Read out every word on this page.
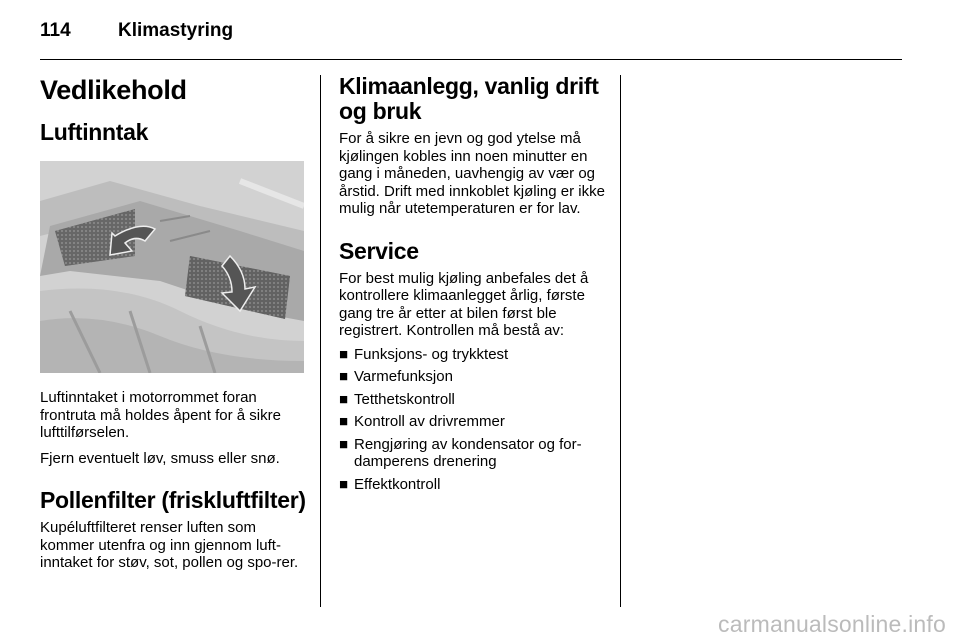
114 Klimastyring
Vedlikehold
Luftinntak

Luftinntaket i motorrommet foran frontruta må holdes åpent for å sikre lufttilførselen.

Fjern eventuelt løv, smuss eller snø.

Pollenfilter (friskluftfilter)

Kupéluftfilteret renser luften som kommer utenfra og inn gjennom luft-inntaket for støv, sot, pollen og spo-rer.

Klimaanlegg, vanlig drift og bruk

For å sikre en jevn og god ytelse må kjølingen kobles inn noen minutter en gang i måneden, uavhengig av vær og årstid. Drift med innkoblet kjøling er ikke mulig når utetemperaturen er for lav.

Service

For best mulig kjøling anbefales det å kontrollere klimaanlegget årlig, første gang tre år etter at bilen først ble registrert. Kontrollen må bestå av:

■ Funksjons- og trykktest
■ Varmefunksjon
■ Tetthetskontroll
■ Kontroll av drivremmer
■ Rengjøring av kondensator og for-damperens drenering
■ Effektkontroll
carmanualsonline.info
